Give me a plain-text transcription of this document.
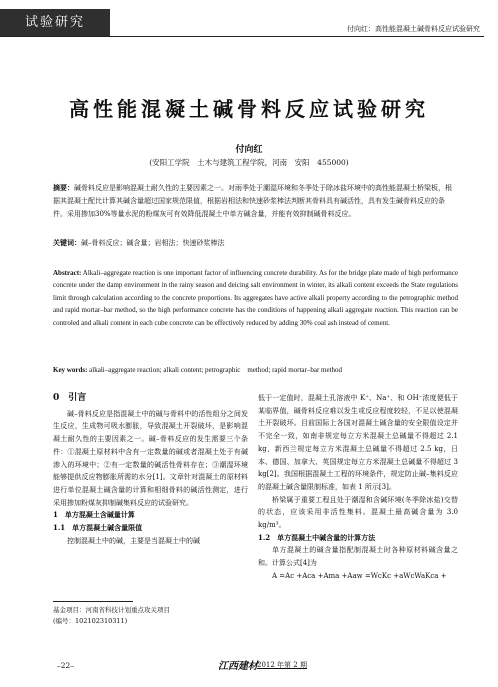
试验研究	付向红：高性能混凝土碱骨料反应试验研究
高性能混凝土碱骨料反应试验研究
付向红
(安阳工学院　土木与建筑工程学院，河南　安阳　455000)
摘要：碱骨料反应是影响混凝土耐久性的主要因素之一。对雨季处于潮湿环境和冬季处于除冰盐环境中的高性能混凝土桥梁板，根据其混凝土配比计算其碱含量超过国家规范限值，根据岩相法和快速砂浆棒法判断其骨料具有碱活性，具有发生碱骨料反应的条件。采用掺加30%等量水泥的粉煤灰可有效降低混凝土中单方碱含量，并能有效抑制碱骨料反应。
关键词：碱–骨料反应；碱含量；岩相法；快速砂浆棒法
Abstract: Alkali–aggregate reaction is one important factor of influencing concrete durability. As for the bridge plate made of high performance concrete under the damp environment in the rainy season and deicing salt environment in winter, its alkali content exceeds the State regulations limit through calculation according to the concrete proportions. Its aggregates have active alkali property according to the petrographic method and rapid mortar–bar method, so the high performance concrete has the conditions of happening alkali aggregate reaction. This reaction can be controled and alkali content in each cube concrete can be effectively reduced by adding 30% coal ash instead of cement.
Key words: alkali–aggregate reaction; alkali content; petrographic　method; rapid mortar–bar method

0　引言

碱–骨料反应是指混凝土中的碱与骨料中的活性组分之间发生反应，生成物可吸水膨胀，导致混凝土开裂破坏，是影响混凝土耐久性的主要因素之一。碱–骨料反应的发生需要三个条件：①混凝土原材料中含有一定数量的碱或者混凝土处于有碱渗入的环境中；②有一定数量的碱活性骨料存在；③潮湿环境能够提供反应物膨胀所需的水分[1]。文章针对混凝土的原材料进行单位混凝土碱含量的计算和相细骨料的碱活性测定，进行采用掺加粉煤灰抑制碱集料反应的试验研究。

1　单方混凝土含碱量计算

1.1　单方混凝土碱含量限值

控制混凝土中的碱，主要是当混凝土中的碱

低于一定值时，混凝土孔溶液中 K⁺、Na⁺、和 OH⁻浓度便低于某临界值，碱骨料反应难以发生或反应程度较轻，不足以使混凝土开裂破坏。目前国际上各国对混凝土碱含量的安全限值设定并不完全一致，如南非规定每立方米混凝土总碱量不得超过 2.1 kg，新西兰规定每立方米混凝土总碱量不得超过 2.5 kg，日本、德国、加拿大、英国规定每立方米混凝土总碱量不得超过 3 kg[2]。我国根据混凝土工程的环境条件，规定防止碱–集料反应的混凝土碱含量限制标准，如表 1 所示[3]。

桥梁属于重要工程且处于潮湿和含碱环境(冬季除冰盐)交替的状态，应该采用非活性集料。混凝土最高碱含量为 3.0 kg/m³。

1.2　单方混凝土中碱含量的计算方法

单方混凝土的碱含量指配制混凝土时各种原材料碱含量之和。计算公式[4]为

A =Ac +Aca +Ama +Aaw =WcKc +aWcWaKca +

基金项目：河南省科技计划重点攻关项目
(编号：102102310311)
–22–	江西建材 2012 年第 2 期
